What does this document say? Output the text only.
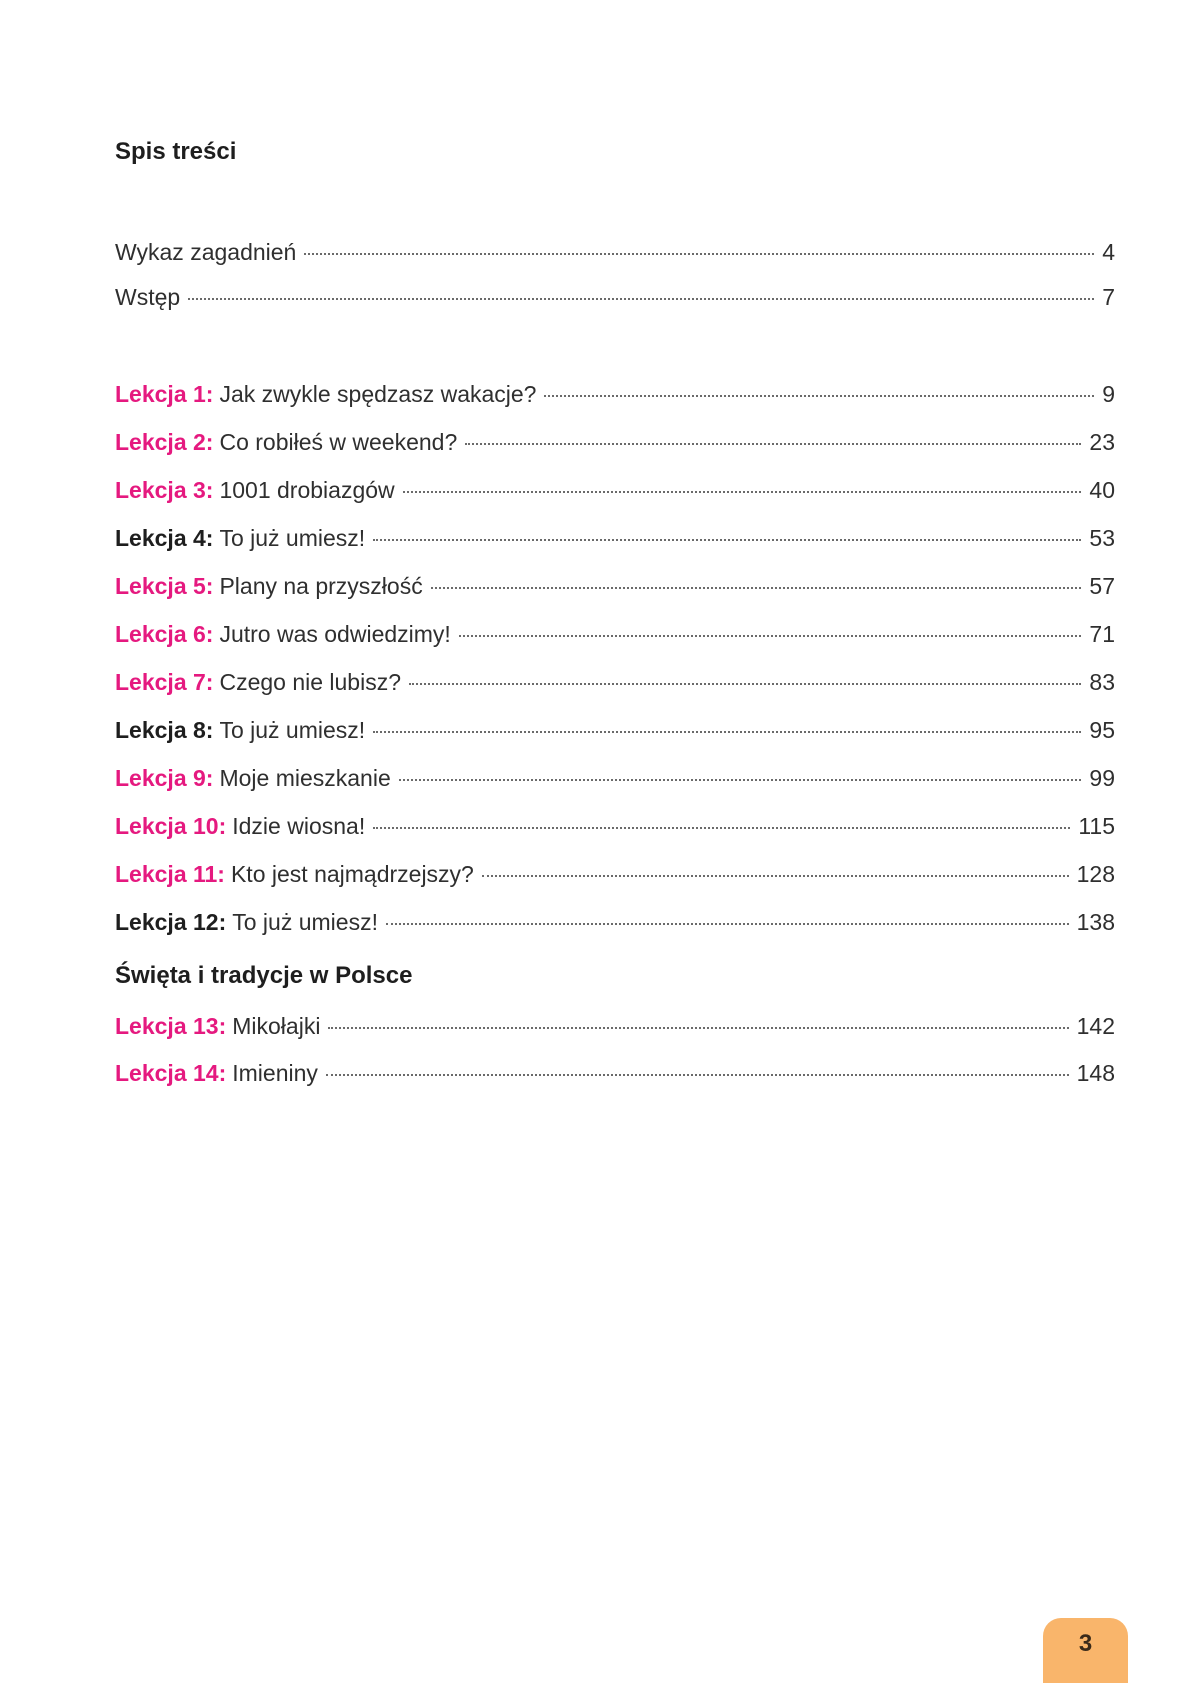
Spis treści
Wykaz zagadnień	4
Wstęp	7
Lekcja 1: Jak zwykle spędzasz wakacje?	9
Lekcja 2: Co robiłeś w weekend?	23
Lekcja 3: 1001 drobiazgów	40
Lekcja 4: To już umiesz!	53
Lekcja 5: Plany na przyszłość	57
Lekcja 6: Jutro was odwiedzimy!	71
Lekcja 7: Czego nie lubisz?	83
Lekcja 8: To już umiesz!	95
Lekcja 9: Moje mieszkanie	99
Lekcja 10: Idzie wiosna!	115
Lekcja 11: Kto jest najmądrzejszy?	128
Lekcja 12: To już umiesz!	138
Święta i tradycje w Polsce
Lekcja 13: Mikołajki	142
Lekcja 14: Imieniny	148
3
